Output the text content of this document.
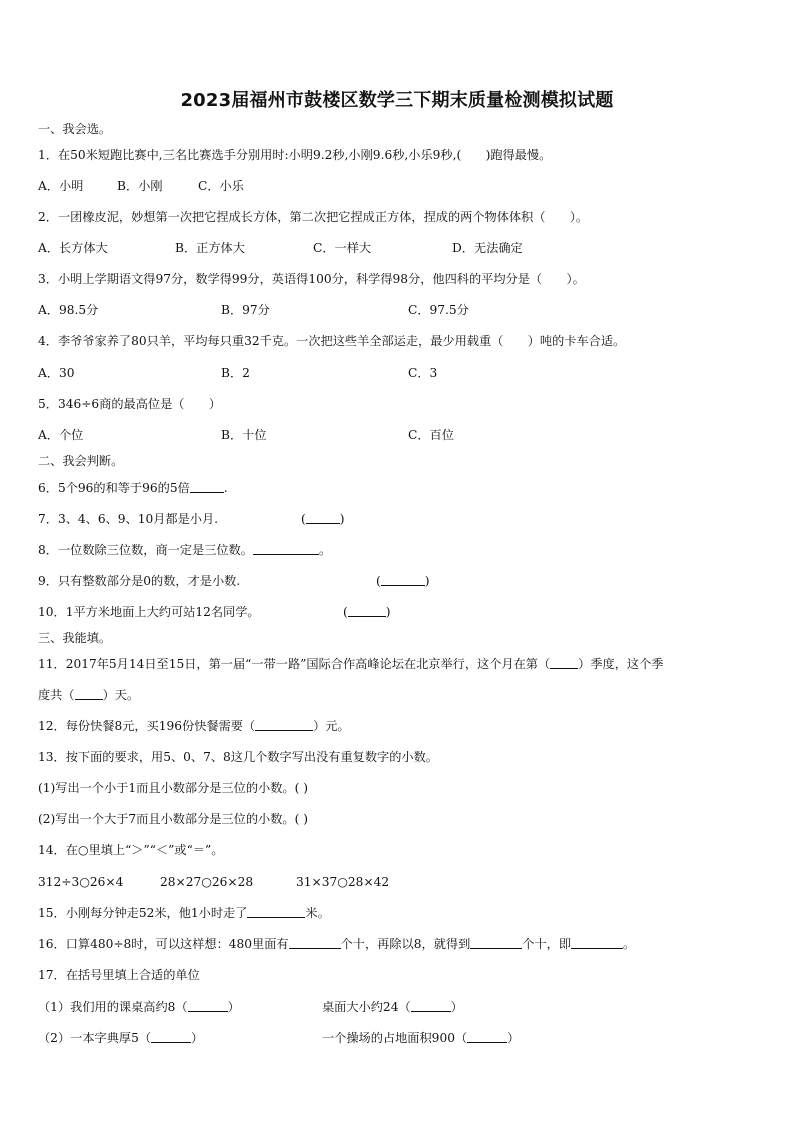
2023届福州市鼓楼区数学三下期末质量检测模拟试题
一、我会选。
1．在50米短跑比赛中,三名比赛选手分别用时:小明9.2秒,小刚9.6秒,小乐9秒,(　　)跑得最慢。
A．小明	B．小刚	C．小乐
2．一团橡皮泥，妙想第一次把它捏成长方体，第二次把它捏成正方体，捏成的两个物体体积（　　）。
A．长方体大	B．正方体大	C．一样大	D．无法确定
3．小明上学期语文得97分，数学得99分，英语得100分，科学得98分，他四科的平均分是（　　）。
A．98.5分	B．97分	C．97.5分
4．李爷爷家养了80只羊，平均每只重32千克。一次把这些羊全部运走，最少用载重（　　）吨的卡车合适。
A．30	B．2	C．3
5．346÷6商的最高位是（　　）
A．个位	B．十位	C．百位
二、我会判断。
6．5个96的和等于96的5倍	.
7．3、4、6、9、10月都是小月.	(	)
8．一位数除三位数，商一定是三位数。	。
9．只有整数部分是0的数，才是小数.	(	)
10．1平方米地面上大约可站12名同学。	(	)
三、我能填。
11．2017年5月14日至15日，第一届“一带一路”国际合作高峰论坛在北京举行，这个月在第（ ）季度，这个季
度共（ ）天。
12．每份快餐8元，买196份快餐需要（	）元。
13．按下面的要求，用5、0、7、8这几个数字写出没有重复数字的小数。
(1)写出一个小于1而且小数部分是三位的小数。( )
(2)写出一个大于7而且小数部分是三位的小数。( )
14．在○里填上“＞”“＜”或“＝”。
312÷3○26×4	28×27○26×28	31×37○28×42
15．小刚每分钟走52米，他1小时走了	米。
16．口算480÷8时，可以这样想：480里面有	个十，再除以8，就得到	个十，即	。
17．在括号里填上合适的单位
（1）我们用的课桌高约8（	）	桌面大小约24（	）
（2）一本字典厚5（	）	一个操场的占地面积900（	）
